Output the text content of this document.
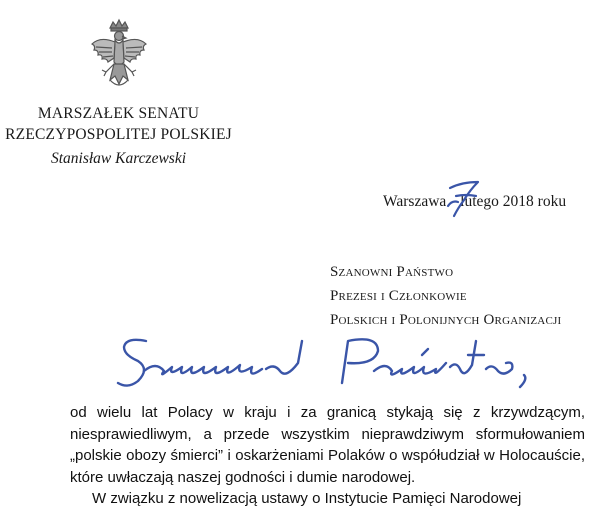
MARSZAŁEK SENATU
RZECZYPOSPOLITEJ POLSKIEJ
Stanisław Karczewski
Warszawa lutego 2018 roku
Szanowni Państwo
Prezesi i Członkowie
Polskich i Polonijnych Organizacji

od wielu lat Polacy w kraju i za granicą stykają się z krzywdzącym, niesprawiedliwym, a przede wszystkim nieprawdziwym sformułowaniem „polskie obozy śmierci” i oskarżeniami Polaków o współudział w Holocauście, które uwłaczają naszej godności i dumie narodowej.

W związku z nowelizacją ustawy o Instytucie Pamięci Narodowej
